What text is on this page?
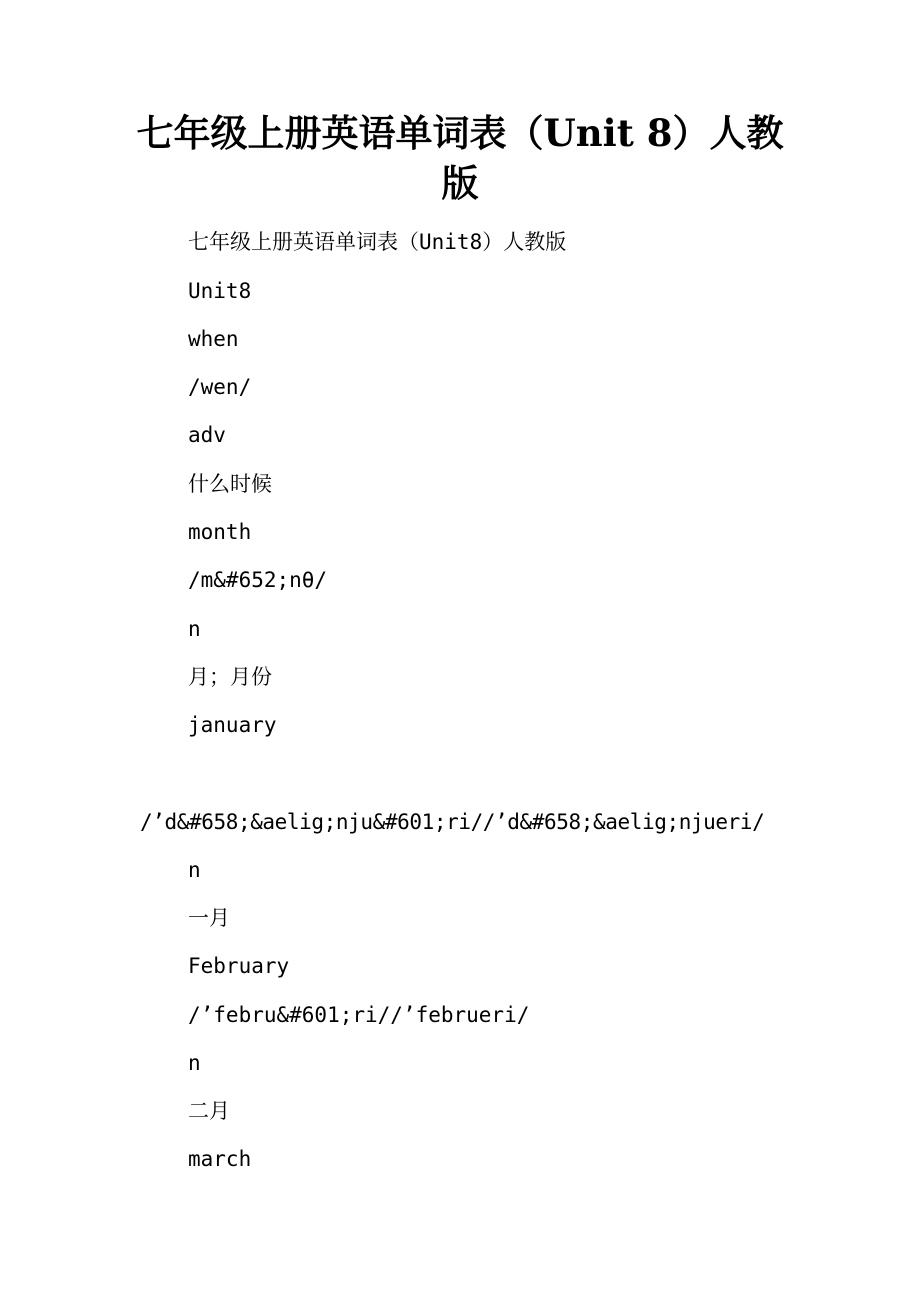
七年级上册英语单词表（Unit 8）人教版
七年级上册英语单词表（Unit8）人教版
Unit8
when
/wen/
adv
什么时候
month
/m&#652;nθ/
n
月；月份
january
/’d&#658;&aelig;nju&#601;ri//’d&#658;&aelig;njueri/
n
一月
February
/’febru&#601;ri//’februeri/
n
二月
march
